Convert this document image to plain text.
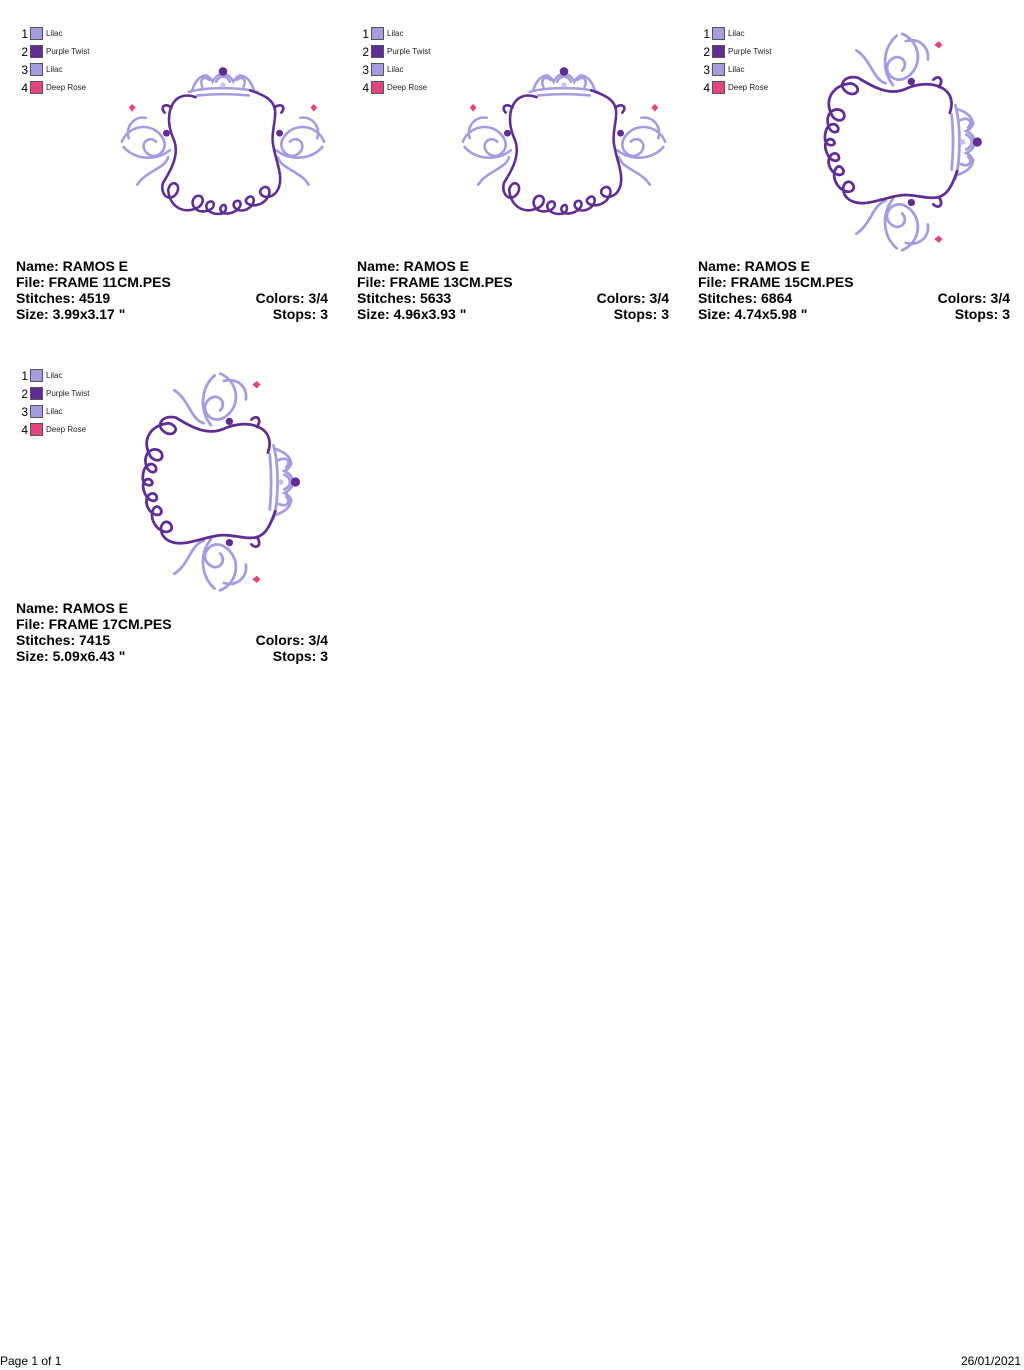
1 Lilac
2 Purple Twist
3 Lilac
4 Deep Rose
Name: RAMOS E
File: FRAME 11CM.PES
Stitches: 4519	Colors: 3/4
Size: 3.99x3.17 "	Stops: 3
1 Lilac
2 Purple Twist
3 Lilac
4 Deep Rose
Name: RAMOS E
File: FRAME 13CM.PES
Stitches: 5633	Colors: 3/4
Size: 4.96x3.93 "	Stops: 3
1 Lilac
2 Purple Twist
3 Lilac
4 Deep Rose
Name: RAMOS E
File: FRAME 15CM.PES
Stitches: 6864	Colors: 3/4
Size: 4.74x5.98 "	Stops: 3
1 Lilac
2 Purple Twist
3 Lilac
4 Deep Rose
Name: RAMOS E
File: FRAME 17CM.PES
Stitches: 7415	Colors: 3/4
Size: 5.09x6.43 "	Stops: 3
Page 1 of 1	26/01/2021
